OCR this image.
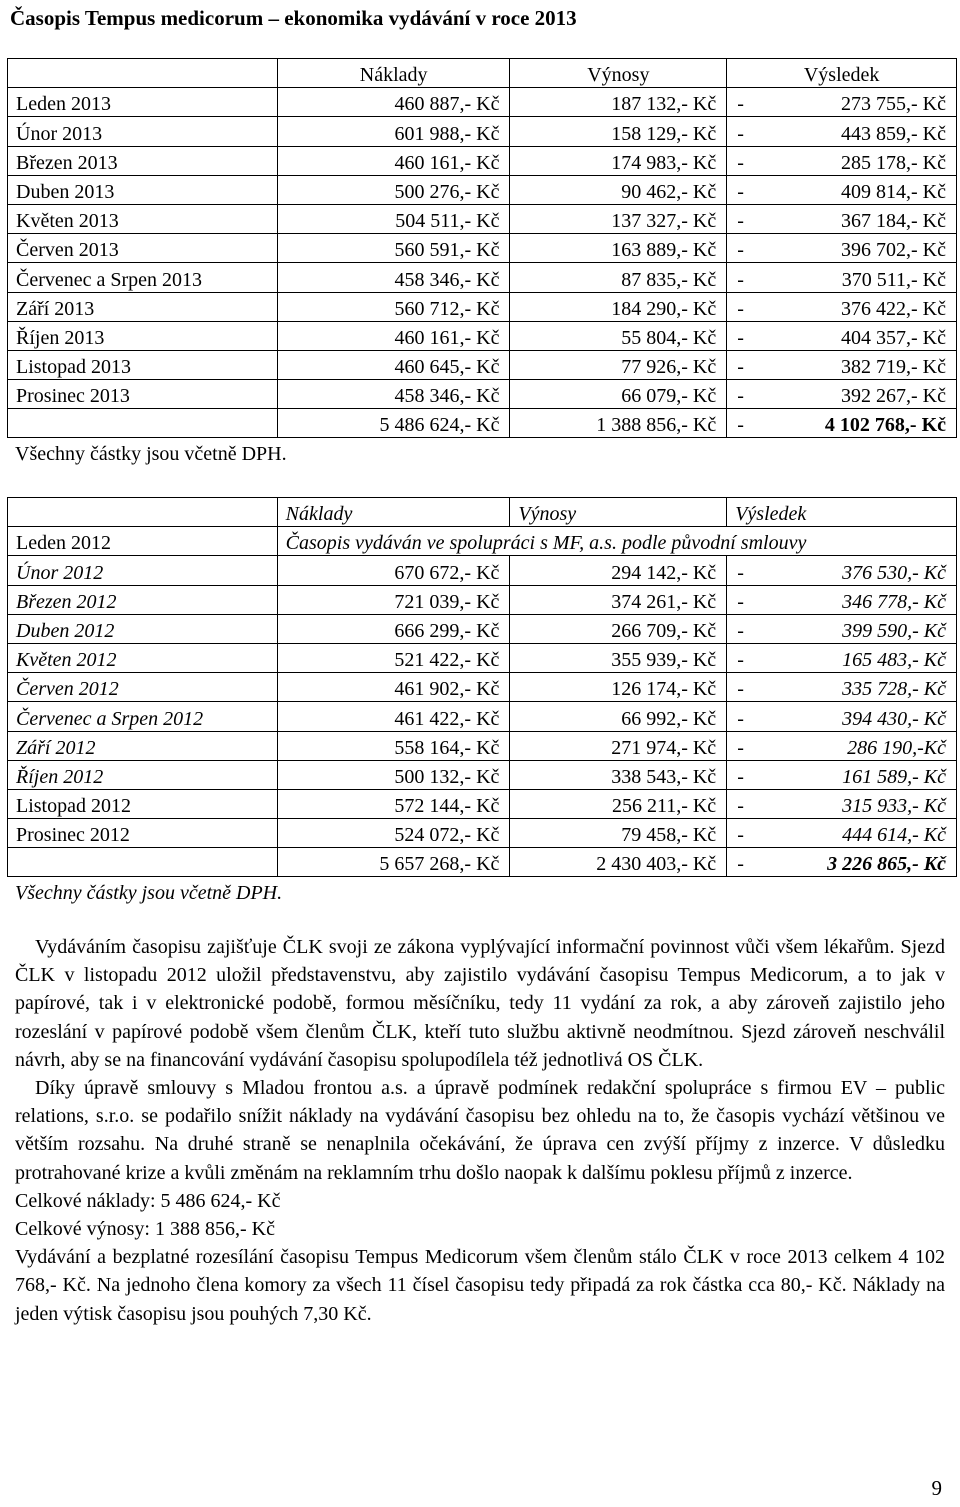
Časopis Tempus medicorum – ekonomika vydávání v roce 2013
	Náklady	Výnosy	Výsledek
Leden 2013	460 887,- Kč	187 132,- Kč	- 273 755,- Kč

Únor 2013	601 988,- Kč	158 129,- Kč	- 443 859,- Kč

Březen 2013	460 161,- Kč	174 983,- Kč	- 285 178,- Kč

Duben 2013	500 276,- Kč	90 462,- Kč	- 409 814,- Kč

Květen 2013	504 511,- Kč	137 327,- Kč	- 367 184,- Kč

Červen 2013	560 591,- Kč	163 889,- Kč	- 396 702,- Kč

Červenec a Srpen 2013	458 346,- Kč	87 835,- Kč	- 370 511,- Kč

Září 2013	560 712,- Kč	184 290,- Kč	- 376 422,- Kč

Říjen 2013	460 161,- Kč	55 804,- Kč	- 404 357,- Kč

Listopad 2013	460 645,- Kč	77 926,- Kč	- 382 719,- Kč

Prosinec 2013	458 346,- Kč	66 079,- Kč	- 392 267,- Kč

	5 486 624,- Kč	1 388 856,- Kč	- 4 102 768,- Kč
Všechny částky jsou včetně DPH.
	Náklady	Výnosy	Výsledek
Leden 2012	Časopis vydáván ve spolupráci s MF, a.s. podle původní smlouvy		
Únor 2012	670 672,- Kč	294 142,- Kč	- 376 530,- Kč

Březen 2012	721 039,- Kč	374 261,- Kč	- 346 778,- Kč

Duben 2012	666 299,- Kč	266 709,- Kč	- 399 590,- Kč

Květen 2012	521 422,- Kč	355 939,- Kč	- 165 483,- Kč

Červen 2012	461 902,- Kč	126 174,- Kč	- 335 728,- Kč

Červenec a Srpen 2012	461 422,- Kč	66 992,- Kč	- 394 430,- Kč

Září 2012	558 164,- Kč	271 974,- Kč	- 286 190,-Kč

Říjen 2012	500 132,- Kč	338 543,- Kč	- 161 589,- Kč

Listopad 2012	572 144,- Kč	256 211,- Kč	- 315 933,- Kč

Prosinec 2012	524 072,- Kč	79 458,- Kč	- 444 614,- Kč

	5 657 268,- Kč	2 430 403,- Kč	- 3 226 865,- Kč
Všechny částky jsou včetně DPH.

Vydáváním časopisu zajišťuje ČLK svoji ze zákona vyplývající informační povinnost vůči všem lékařům. Sjezd ČLK v listopadu 2012 uložil představenstvu, aby zajistilo vydávání časopisu Tempus Medicorum, a to jak v papírové, tak i v elektronické podobě, formou měsíčníku, tedy 11 vydání za rok, a aby zároveň zajistilo jeho rozeslání v papírové podobě všem členům ČLK, kteří tuto službu aktivně neodmítnou. Sjezd zároveň neschválil návrh, aby se na financování vydávání časopisu spolupodílela též jednotlivá OS ČLK.

Díky úpravě smlouvy s Mladou frontou a.s. a úpravě podmínek redakční spolupráce s firmou EV – public relations, s.r.o. se podařilo snížit náklady na vydávání časopisu bez ohledu na to, že časopis vychází většinou ve větším rozsahu. Na druhé straně se nenaplnila očekávání, že úprava cen zvýší příjmy z inzerce. V důsledku protrahované krize a kvůli změnám na reklamním trhu došlo naopak k dalšímu poklesu příjmů z inzerce.

Celkové náklady: 5 486 624,- Kč

Celkové výnosy: 1 388 856,- Kč

Vydávání a bezplatné rozesílání časopisu Tempus Medicorum všem členům stálo ČLK v roce 2013 celkem 4 102 768,- Kč. Na jednoho člena komory za všech 11 čísel časopisu tedy připadá za rok částka cca 80,- Kč. Náklady na jeden výtisk časopisu jsou pouhých 7,30 Kč.

9
